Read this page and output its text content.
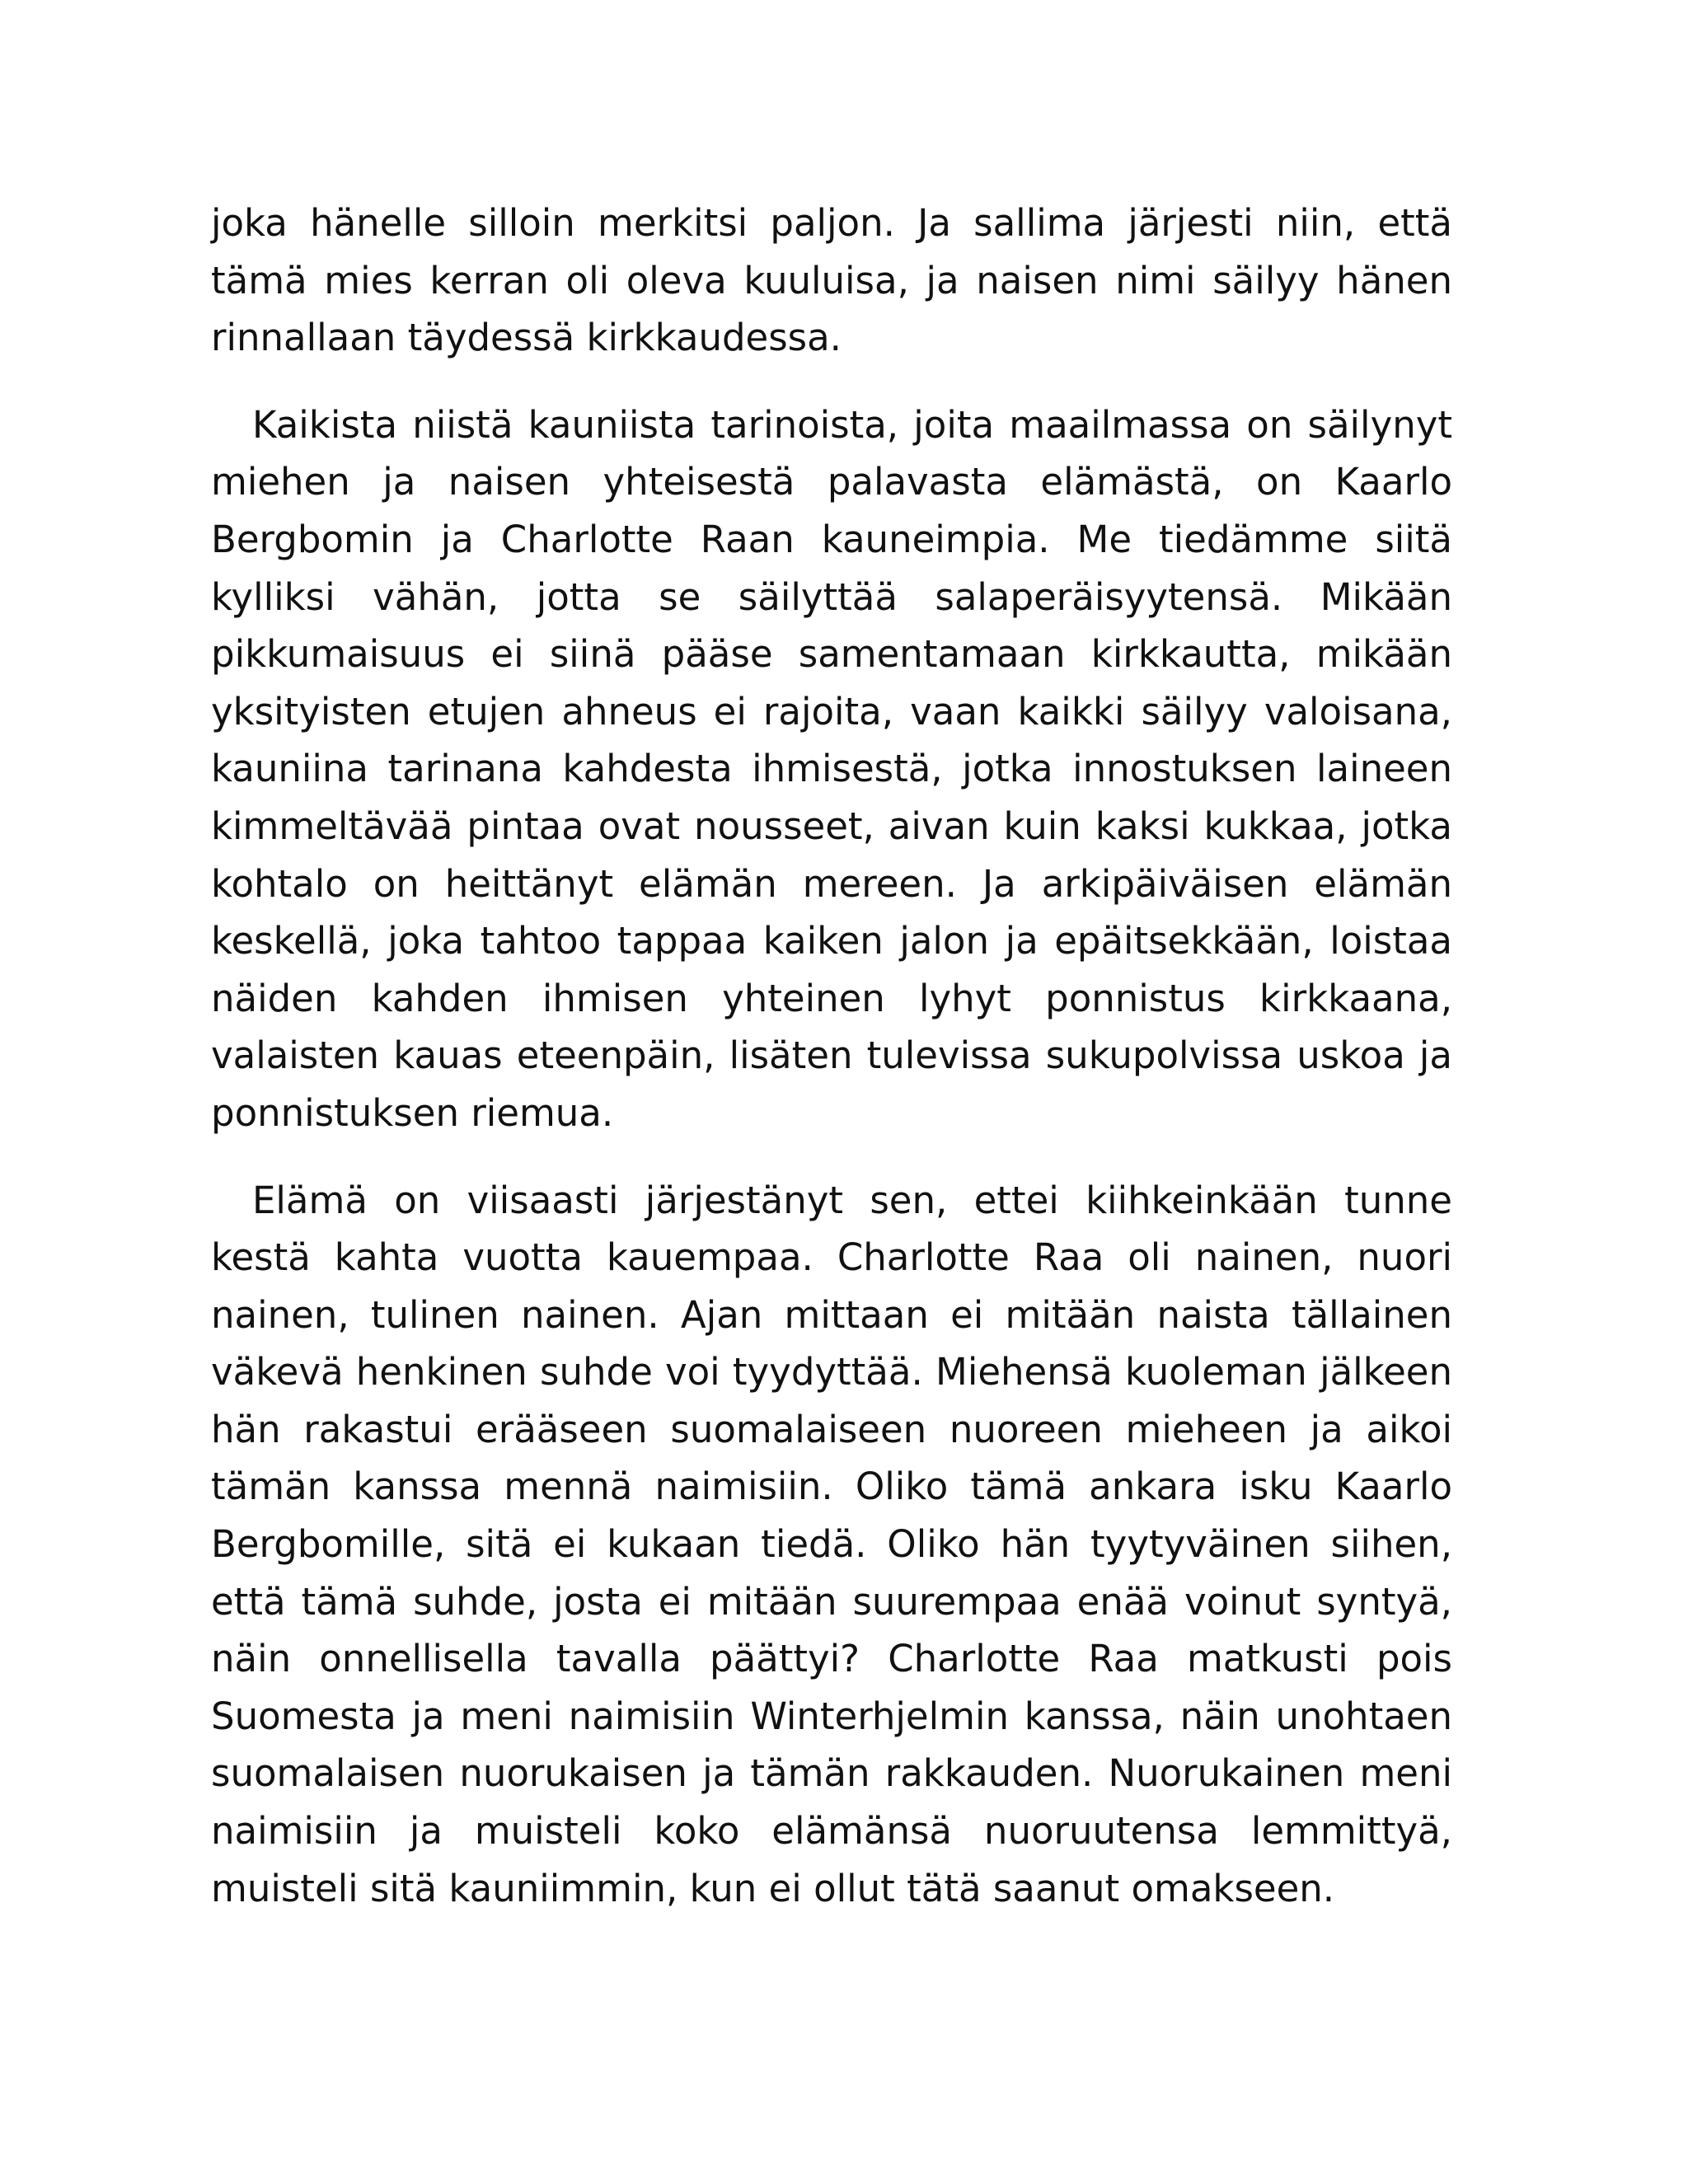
joka hänelle silloin merkitsi paljon. Ja sallima järjesti niin, että tämä mies kerran oli oleva kuuluisa, ja naisen nimi säilyy hänen rinnallaan täydessä kirkkaudessa.

Kaikista niistä kauniista tarinoista, joita maailmassa on säilynyt miehen ja naisen yhteisestä palavasta elämästä, on Kaarlo Bergbomin ja Charlotte Raan kauneimpia. Me tiedämme siitä kylliksi vähän, jotta se säilyttää salaperäisyytensä. Mikään pikkumaisuus ei siinä pääse samentamaan kirkkautta, mikään yksityisten etujen ahneus ei rajoita, vaan kaikki säilyy valoisana, kauniina tarinana kahdesta ihmisestä, jotka innostuksen laineen kimmeltävää pintaa ovat nousseet, aivan kuin kaksi kukkaa, jotka kohtalo on heittänyt elämän mereen. Ja arkipäiväisen elämän keskellä, joka tahtoo tappaa kaiken jalon ja epäitsekkään, loistaa näiden kahden ihmisen yhteinen lyhyt ponnistus kirkkaana, valaisten kauas eteenpäin, lisäten tulevissa sukupolvissa uskoa ja ponnistuksen riemua.

Elämä on viisaasti järjestänyt sen, ettei kiihkeinkään tunne kestä kahta vuotta kauempaa. Charlotte Raa oli nainen, nuori nainen, tulinen nainen. Ajan mittaan ei mitään naista tällainen väkevä henkinen suhde voi tyydyttää. Miehensä kuoleman jälkeen hän rakastui erääseen suomalaiseen nuoreen mieheen ja aikoi tämän kanssa mennä naimisiin. Oliko tämä ankara isku Kaarlo Bergbomille, sitä ei kukaan tiedä. Oliko hän tyytyväinen siihen, että tämä suhde, josta ei mitään suurempaa enää voinut syntyä, näin onnellisella tavalla päättyi? Charlotte Raa matkusti pois Suomesta ja meni naimisiin Winterhjelmin kanssa, näin unohtaen suomalaisen nuorukaisen ja tämän rakkauden. Nuorukainen meni naimisiin ja muisteli koko elämänsä nuoruutensa lemmittyä, muisteli sitä kauniimmin, kun ei ollut tätä saanut omakseen.
